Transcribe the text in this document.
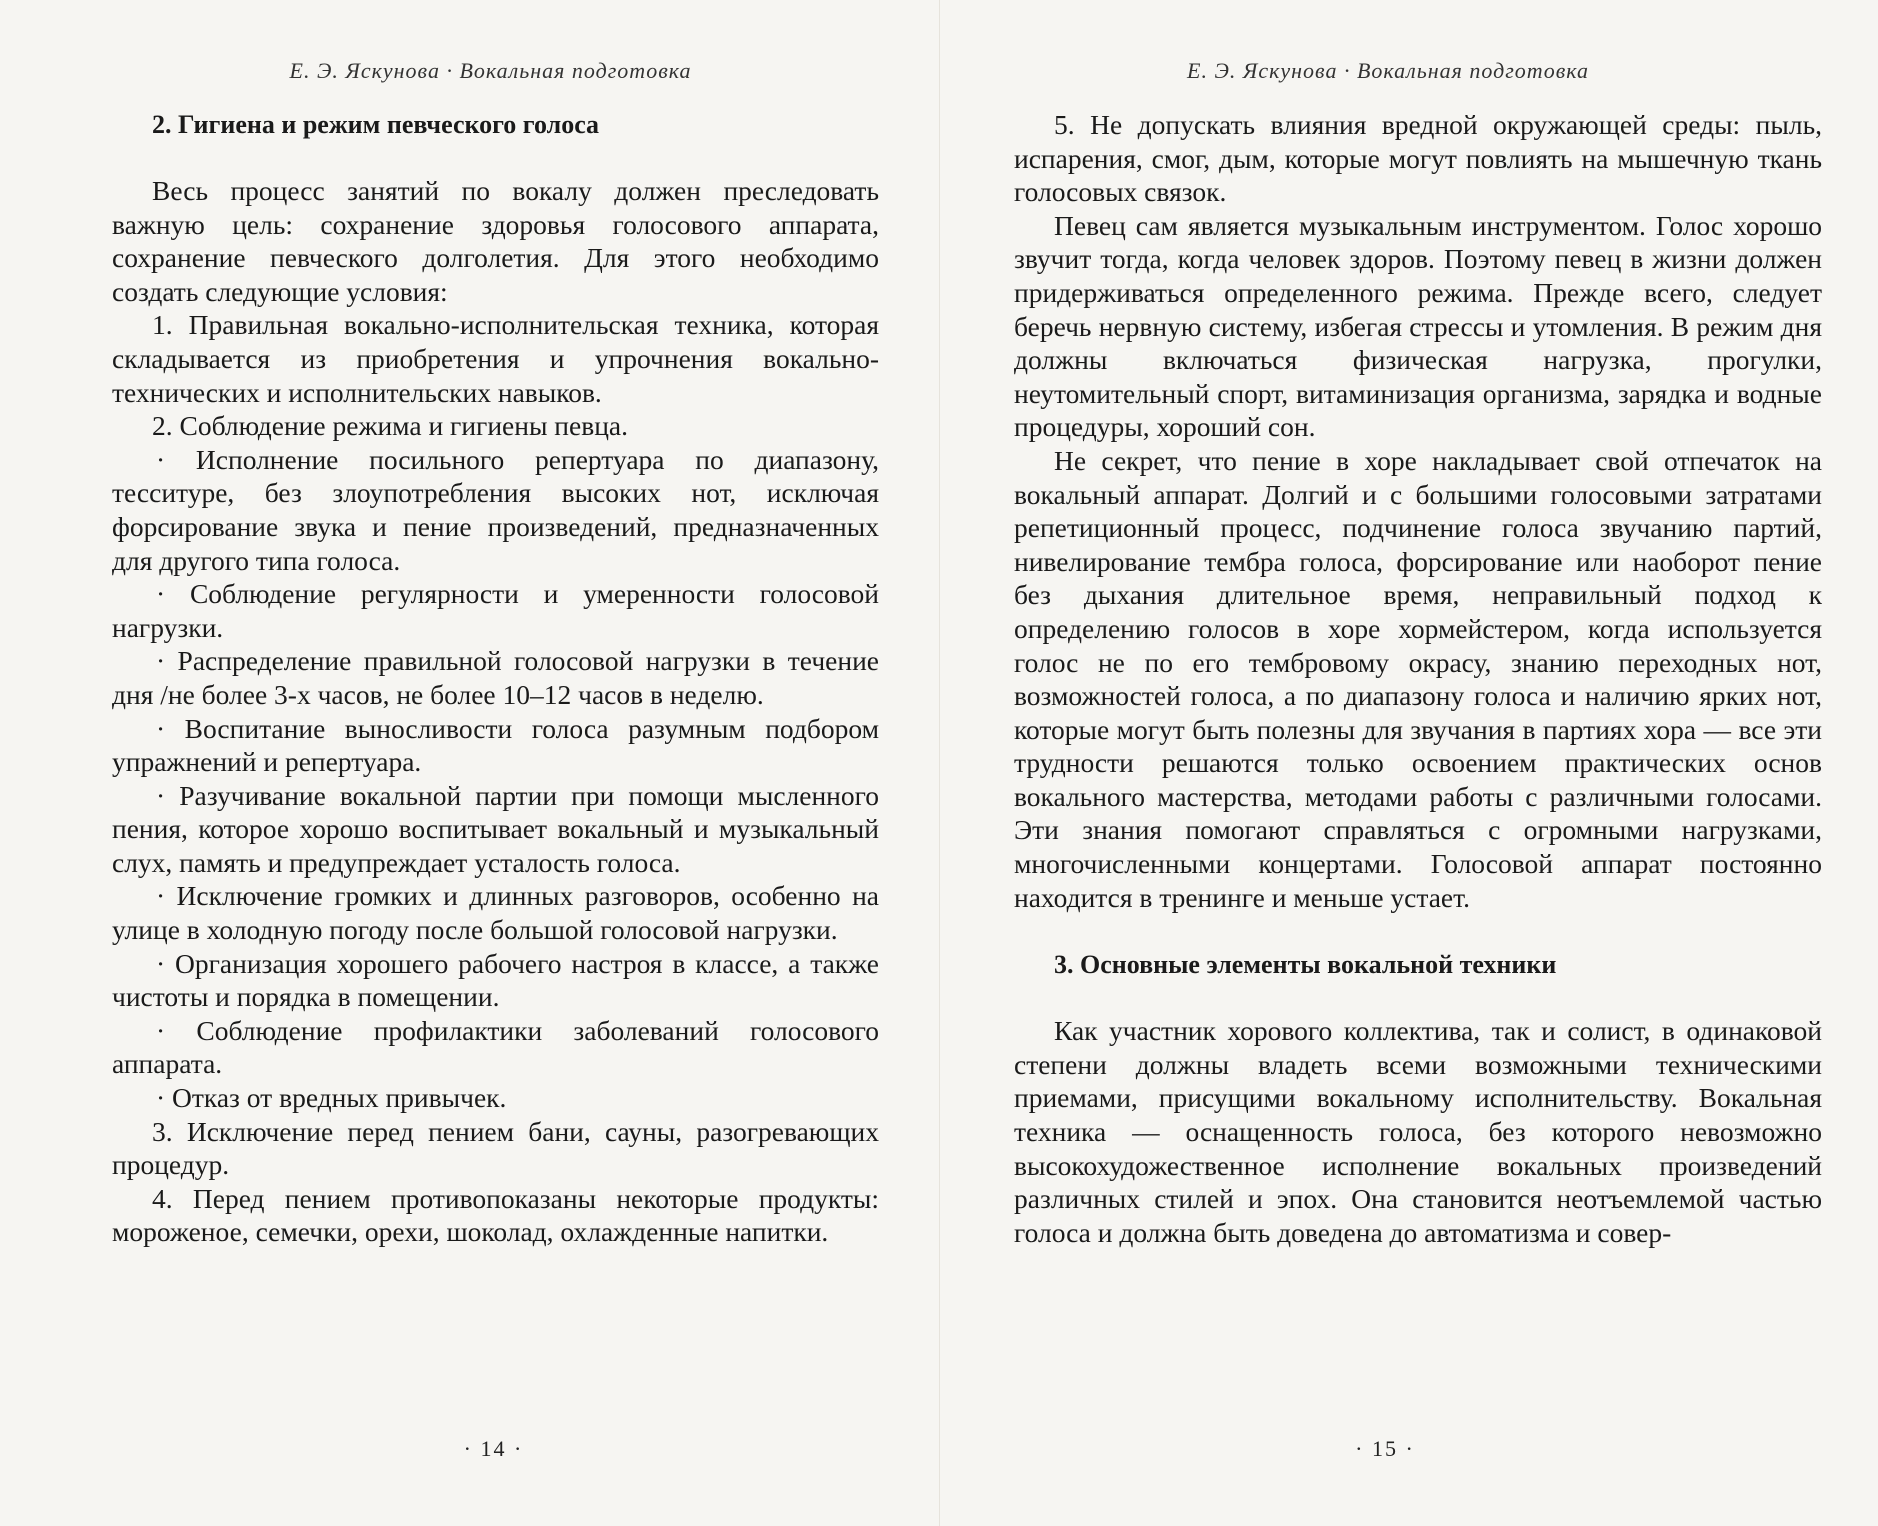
Е. Э. Яскунова · Вокальная подготовка
2. Гигиена и режим певческого голоса

Весь процесс занятий по вокалу должен преследовать важную цель: сохранение здоровья голосового аппарата, сохранение певческого долголетия. Для этого необходимо создать следующие условия:

1. Правильная вокально-исполнительская техника, которая складывается из приобретения и упрочнения вокально-технических и исполнительских навыков.

2. Соблюдение режима и гигиены певца.

· Исполнение посильного репертуара по диапазону, тесситуре, без злоупотребления высоких нот, исключая форсирование звука и пение произведений, предназначенных для другого типа голоса.

· Соблюдение регулярности и умеренности голосовой нагрузки.

· Распределение правильной голосовой нагрузки в течение дня /не более 3-х часов, не более 10–12 часов в неделю.

· Воспитание выносливости голоса разумным подбором упражнений и репертуара.

· Разучивание вокальной партии при помощи мысленного пения, которое хорошо воспитывает вокальный и музыкальный слух, память и предупреждает усталость голоса.

· Исключение громких и длинных разговоров, особенно на улице в холодную погоду после большой голосовой нагрузки.

· Организация хорошего рабочего настроя в классе, а также чистоты и порядка в помещении.

· Соблюдение профилактики заболеваний голосового аппарата.

· Отказ от вредных привычек.

3. Исключение перед пением бани, сауны, разогревающих процедур.

4. Перед пением противопоказаны некоторые продукты: мороженое, семечки, орехи, шоколад, охлажденные напитки.

· 14 ·
Е. Э. Яскунова · Вокальная подготовка

5. Не допускать влияния вредной окружающей среды: пыль, испарения, смог, дым, которые могут повлиять на мышечную ткань голосовых связок.

Певец сам является музыкальным инструментом. Голос хорошо звучит тогда, когда человек здоров. Поэтому певец в жизни должен придерживаться определенного режима. Прежде всего, следует беречь нервную систему, избегая стрессы и утомления. В режим дня должны включаться физическая нагрузка, прогулки, неутомительный спорт, витаминизация организма, зарядка и водные процедуры, хороший сон.

Не секрет, что пение в хоре накладывает свой отпечаток на вокальный аппарат. Долгий и с большими голосовыми затратами репетиционный процесс, подчинение голоса звучанию партий, нивелирование тембра голоса, форсирование или наоборот пение без дыхания длительное время, неправильный подход к определению голосов в хоре хормейстером, когда используется голос не по его тембровому окрасу, знанию переходных нот, возможностей голоса, а по диапазону голоса и наличию ярких нот, которые могут быть полезны для звучания в партиях хора — все эти трудности решаются только освоением практических основ вокального мастерства, методами работы с различными голосами. Эти знания помогают справляться с огромными нагрузками, многочисленными концертами. Голосовой аппарат постоянно находится в тренинге и меньше устает.

3. Основные элементы вокальной техники

Как участник хорового коллектива, так и солист, в одинаковой степени должны владеть всеми возможными техническими приемами, присущими вокальному исполнительству. Вокальная техника — оснащенность голоса, без которого невозможно высокохудожественное исполнение вокальных произведений различных стилей и эпох. Она становится неотъемлемой частью голоса и должна быть доведена до автоматизма и совер-

· 15 ·
